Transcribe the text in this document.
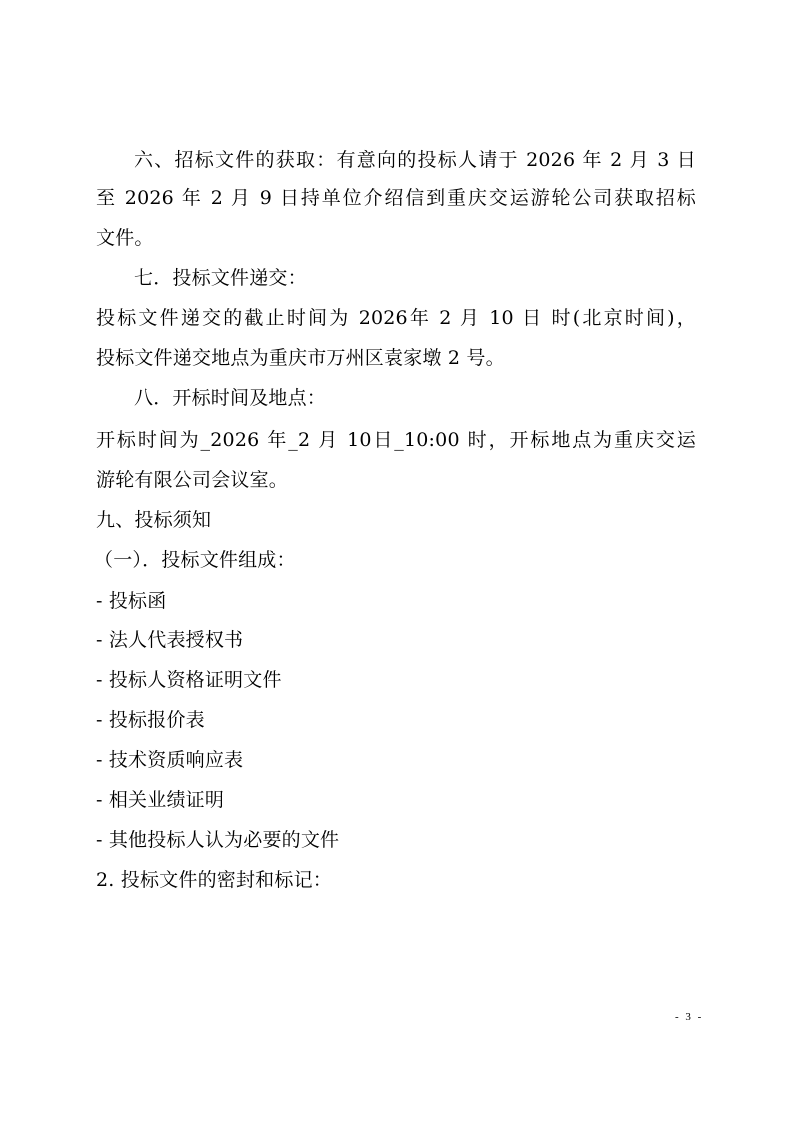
六、招标文件的获取：有意向的投标人请于 2026 年 2 月 3 日
至 2026 年 2 月 9 日持单位介绍信到重庆交运游轮公司获取招标
文件。
七．投标文件递交：
投标文件递交的截止时间为 2026年 2 月 10 日 时(北京时间)，
投标文件递交地点为重庆市万州区袁家墩 2 号。
八．开标时间及地点：
开标时间为_2026 年_2 月 10日_10:00 时，开标地点为重庆交运
游轮有限公司会议室。
九、投标须知
（一）．投标文件组成：
- 投标函
- 法人代表授权书
- 投标人资格证明文件
- 投标报价表
- 技术资质响应表
- 相关业绩证明
- 其他投标人认为必要的文件
2. 投标文件的密封和标记：
- 3 -
